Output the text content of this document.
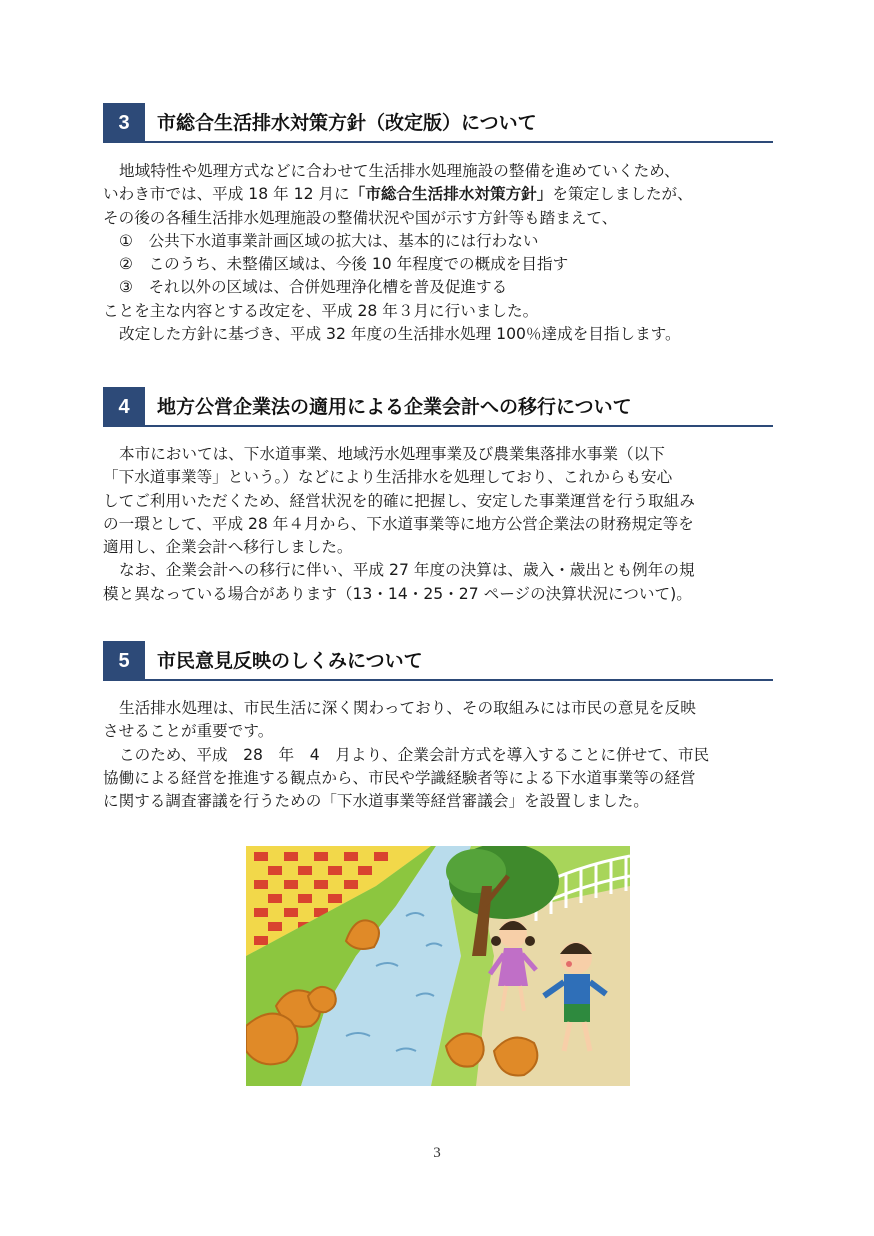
3	市総合生活排水対策方針（改定版）について
地域特性や処理方式などに合わせて生活排水処理施設の整備を進めていくため、
いわき市では、平成 18 年 12 月に「市総合生活排水対策方針」を策定しましたが、
その後の各種生活排水処理施設の整備状況や国が示す方針等も踏まえて、
①　公共下水道事業計画区域の拡大は、基本的には行わない
②　このうち、未整備区域は、今後 10 年程度での概成を目指す
③　それ以外の区域は、合併処理浄化槽を普及促進する
ことを主な内容とする改定を、平成 28 年３月に行いました。
改定した方針に基づき、平成 32 年度の生活排水処理 100％達成を目指します。
4	地方公営企業法の適用による企業会計への移行について
本市においては、下水道事業、地域汚水処理事業及び農業集落排水事業（以下
「下水道事業等」という。）などにより生活排水を処理しており、これからも安心
してご利用いただくため、経営状況を的確に把握し、安定した事業運営を行う取組み
の一環として、平成 28 年４月から、下水道事業等に地方公営企業法の財務規定等を
適用し、企業会計へ移行しました。
なお、企業会計への移行に伴い、平成 27 年度の決算は、歳入・歳出とも例年の規
模と異なっている場合があります（13・14・25・27 ページの決算状況について)。
5	市民意見反映のしくみについて
生活排水処理は、市民生活に深く関わっており、その取組みには市民の意見を反映
させることが重要です。
このため、平成　28　年　4　月より、企業会計方式を導入することに併せて、市民
協働による経営を推進する観点から、市民や学識経験者等による下水道事業等の経営
に関する調査審議を行うための「下水道事業等経営審議会」を設置しました。
3
